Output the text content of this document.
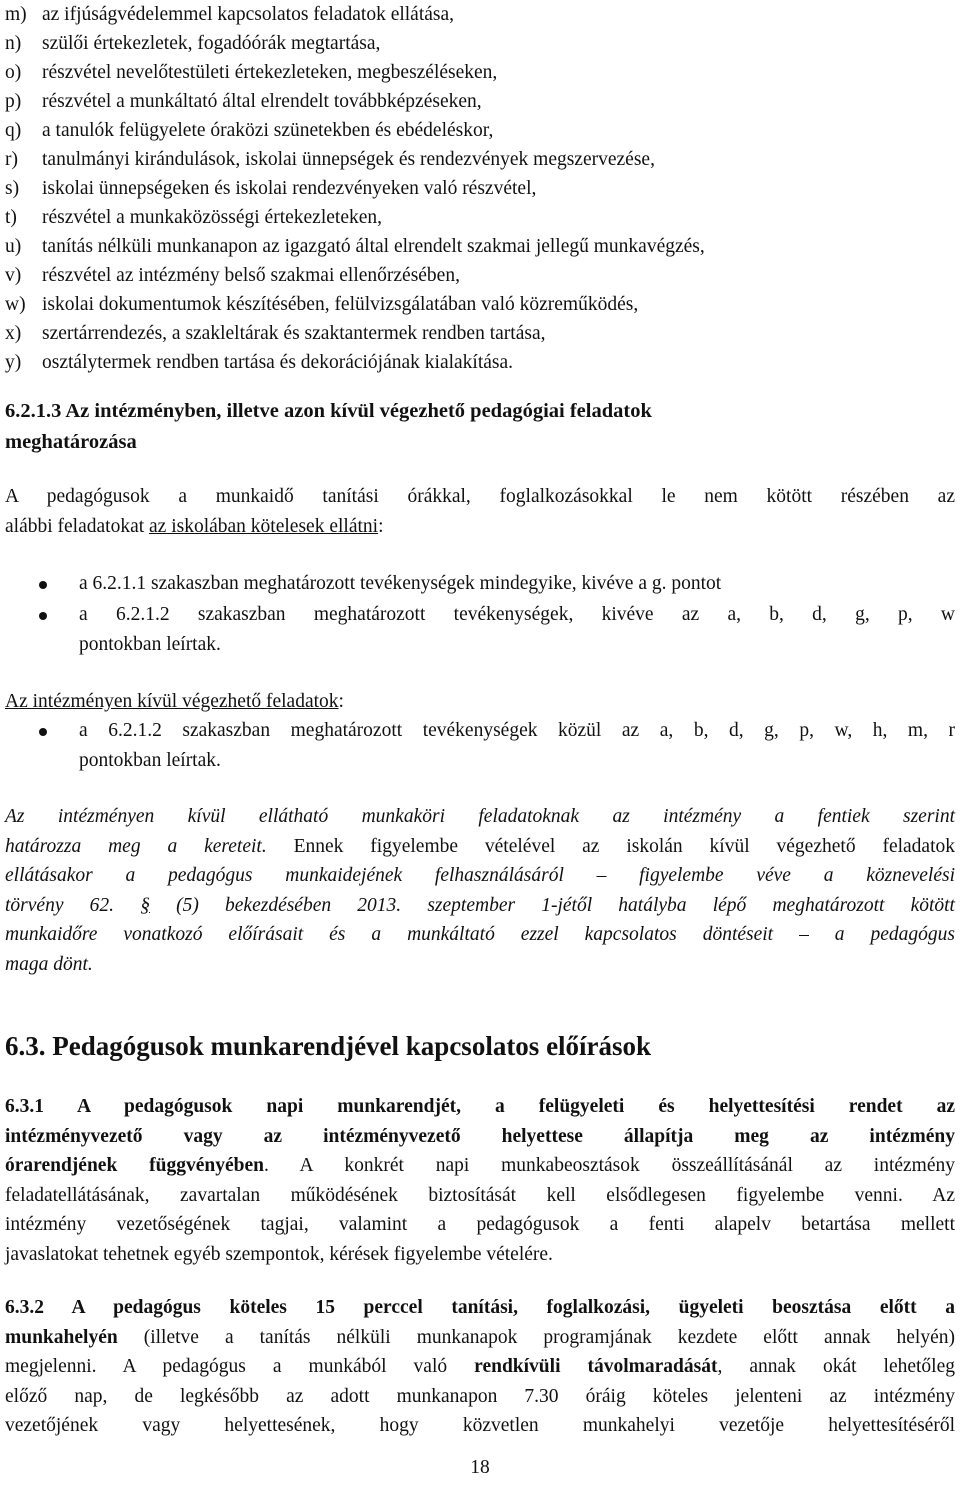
m) az ifjúságvédelemmel kapcsolatos feladatok ellátása,
n) szülői értekezletek, fogadóórák megtartása,
o) részvétel nevelőtestületi értekezleteken, megbeszéléseken,
p) részvétel a munkáltató által elrendelt továbbképzéseken,
q) a tanulók felügyelete óraközi szünetekben és ebédeléskor,
r) tanulmányi kirándulások, iskolai ünnepségek és rendezvények megszervezése,
s) iskolai ünnepségeken és iskolai rendezvényeken való részvétel,
t) részvétel a munkaközösségi értekezleteken,
u) tanítás nélküli munkanapon az igazgató által elrendelt szakmai jellegű munkavégzés,
v) részvétel az intézmény belső szakmai ellenőrzésében,
w) iskolai dokumentumok készítésében, felülvizsgálatában való közreműködés,
x) szertárrendezés, a szakleltárak és szaktantermek rendben tartása,
y) osztálytermek rendben tartása és dekorációjának kialakítása.
6.2.1.3 Az intézményben, illetve azon kívül végezhető pedagógiai feladatok
meghatározása
A pedagógusok a munkaidő tanítási órákkal, foglalkozásokkal le nem kötött részében az
alábbi feladatokat az iskolában kötelesek ellátni:
a 6.2.1.1 szakaszban meghatározott tevékenységek mindegyike, kivéve a g. pontot
a 6.2.1.2 szakaszban meghatározott tevékenységek, kivéve az a, b, d, g, p, w
pontokban leírtak.
Az intézményen kívül végezhető feladatok:
a 6.2.1.2 szakaszban meghatározott tevékenységek közül az a, b, d, g, p, w, h, m, r
pontokban leírtak.
Az intézményen kívül ellátható munkaköri feladatoknak az intézmény a fentiek szerint
határozza meg a kereteit. Ennek figyelembe vételével az iskolán kívül végezhető feladatok
ellátásakor a pedagógus munkaidejének felhasználásáról – figyelembe véve a köznevelési
törvény 62. § (5) bekezdésében 2013. szeptember 1-jétől hatályba lépő meghatározott kötött
munkaidőre vonatkozó előírásait és a munkáltató ezzel kapcsolatos döntéseit – a pedagógus
maga dönt.
6.3. Pedagógusok munkarendjével kapcsolatos előírások
6.3.1 A pedagógusok napi munkarendjét, a felügyeleti és helyettesítési rendet az
intézményvezető vagy az intézményvezető helyettese állapítja meg az intézmény
órarendjének függvényében. A konkrét napi munkabeosztások összeállításánál az intézmény
feladatellátásának, zavartalan működésének biztosítását kell elsődlegesen figyelembe venni. Az
intézmény vezetőségének tagjai, valamint a pedagógusok a fenti alapelv betartása mellett
javaslatokat tehetnek egyéb szempontok, kérések figyelembe vételére.
6.3.2 A pedagógus köteles 15 perccel tanítási, foglalkozási, ügyeleti beosztása előtt a
munkahelyén (illetve a tanítás nélküli munkanapok programjának kezdete előtt annak helyén)
megjelenni. A pedagógus a munkából való rendkívüli távolmaradását, annak okát lehetőleg
előző nap, de legkésőbb az adott munkanapon 7.30 óráig köteles jelenteni az intézmény
vezetőjének vagy helyettesének, hogy közvetlen munkahelyi vezetője helyettesítéséről
18
